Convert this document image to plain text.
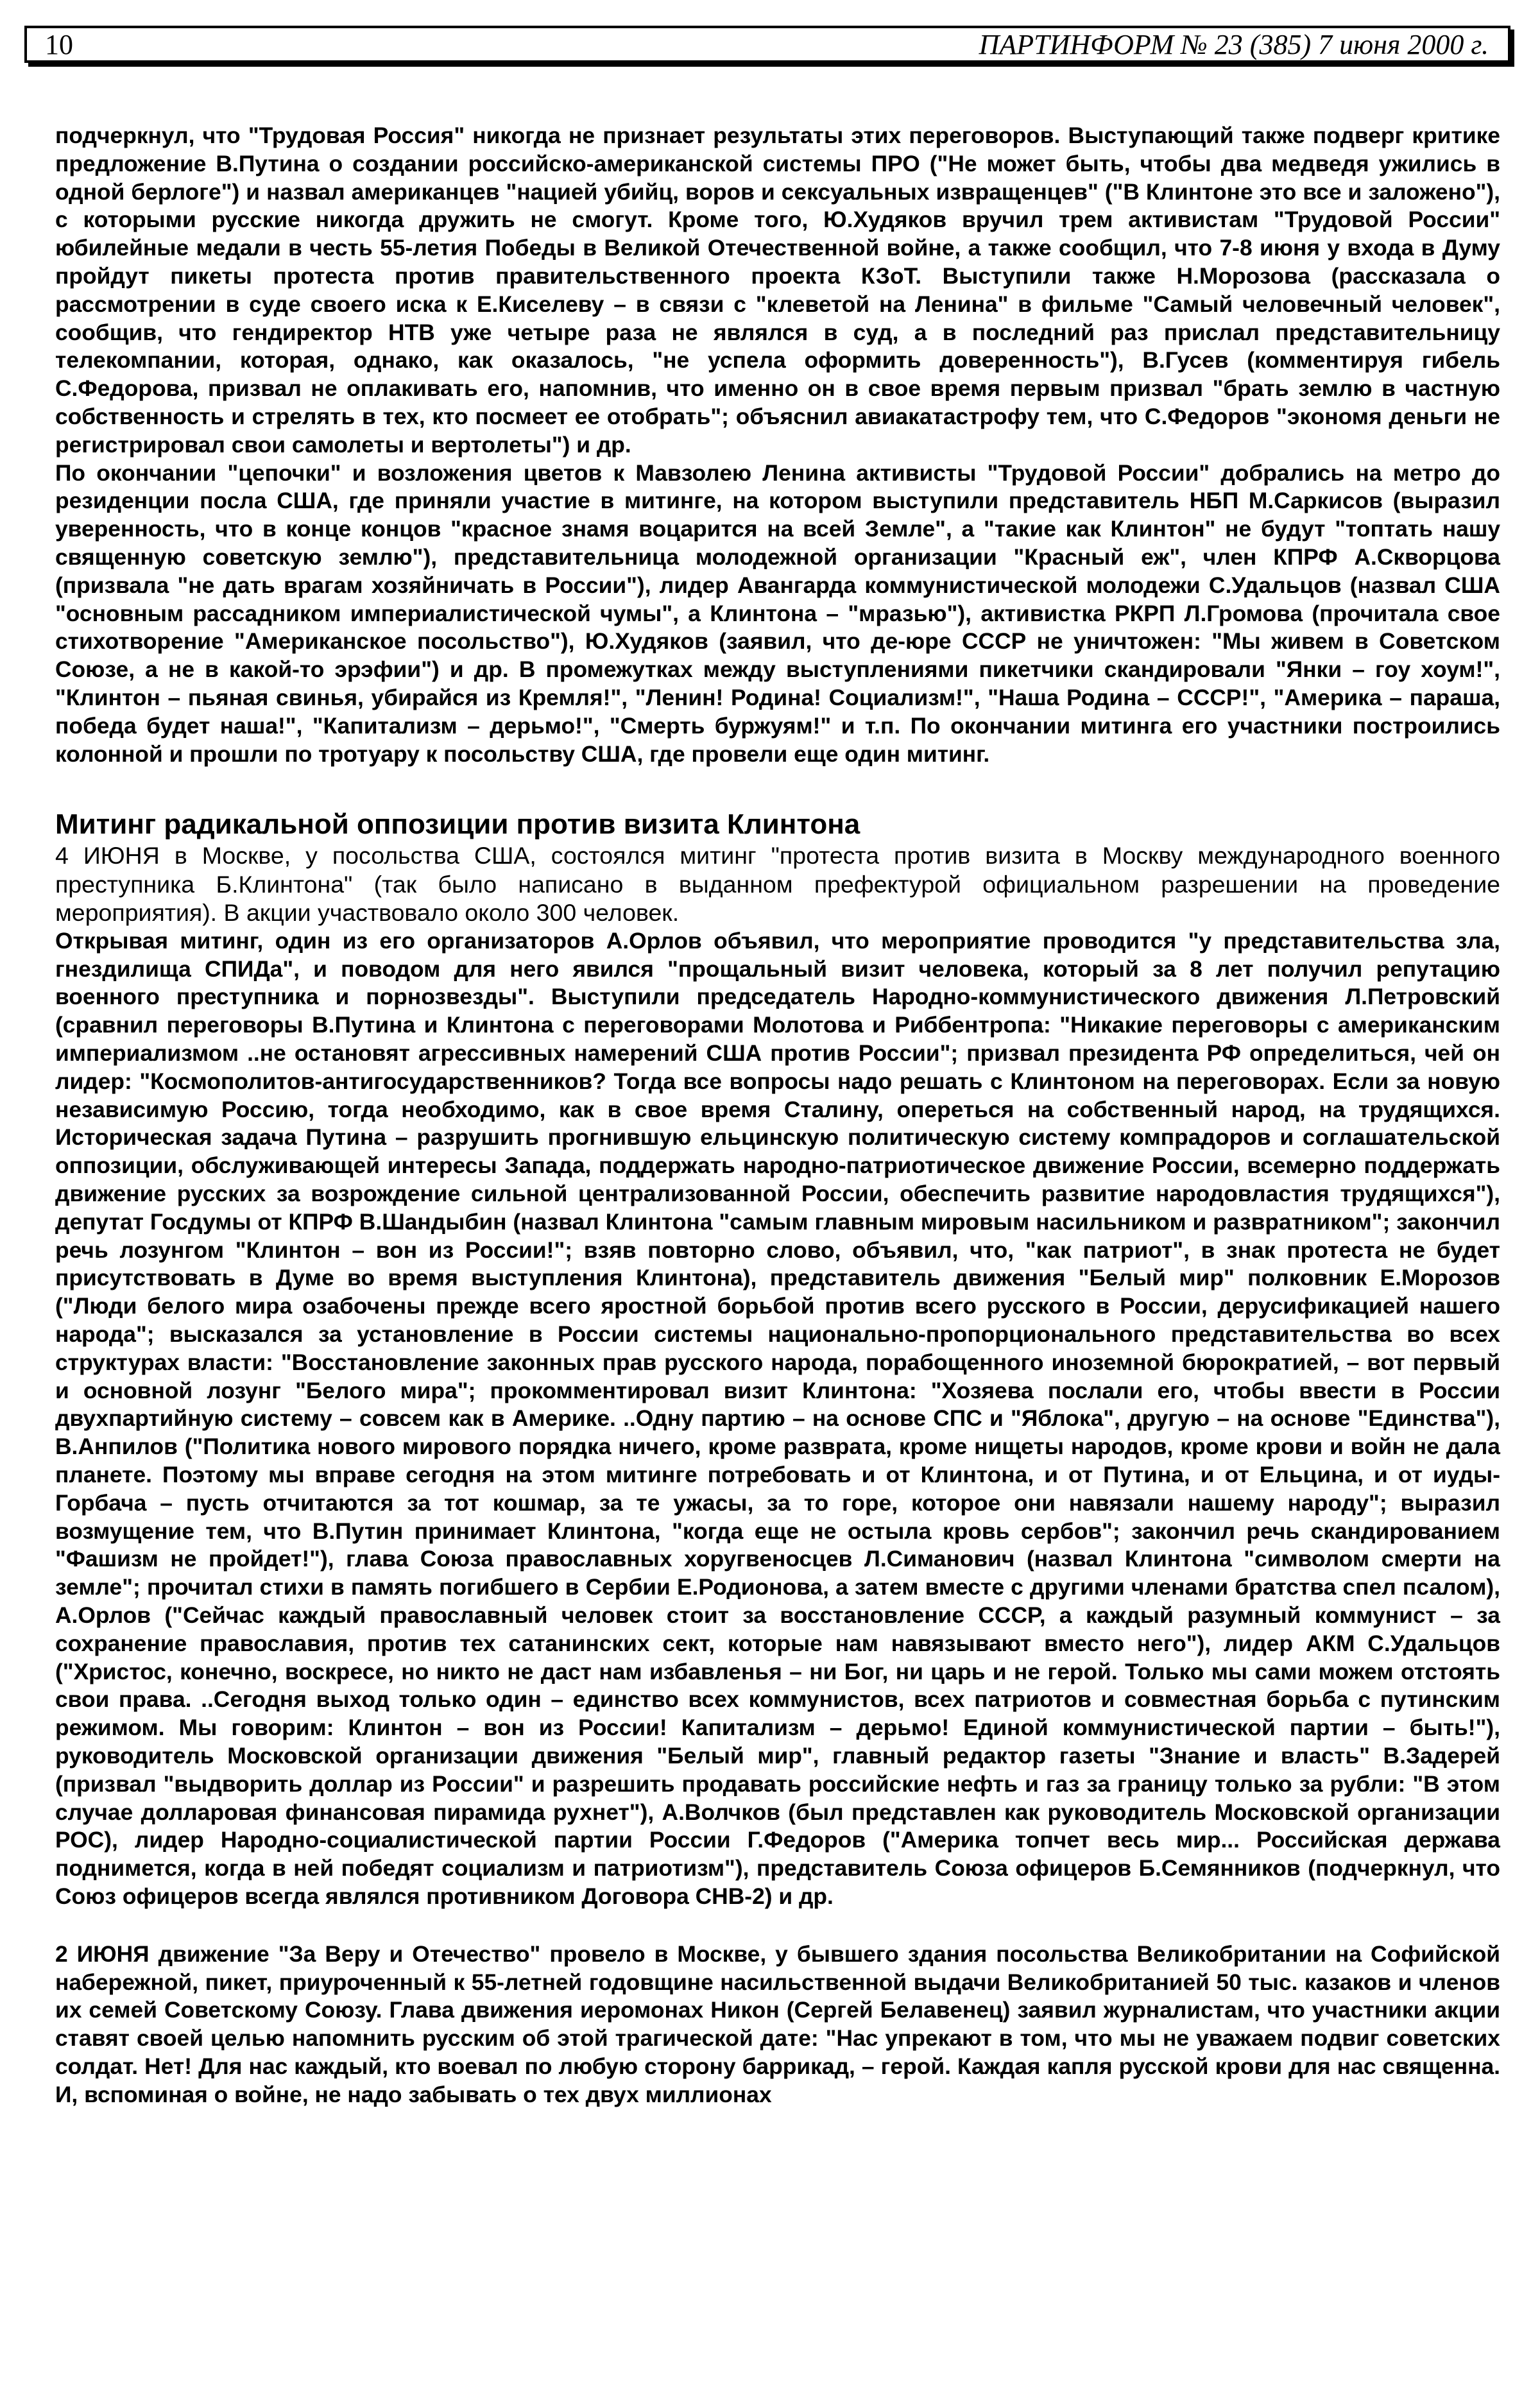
10	ПАРТИНФОРМ № 23 (385) 7 июня 2000 г.

подчеркнул, что "Трудовая Россия" никогда не признает результаты этих переговоров. Выступающий также подверг критике предложение В.Путина о создании российско-американской системы ПРО ("Не может быть, чтобы два медведя ужились в одной берлоге") и назвал американцев "нацией убийц, воров и сексуальных извращенцев" ("В Клинтоне это все и заложено"), с которыми русские никогда дружить не смогут. Кроме того, Ю.Худяков вручил трем активистам "Трудовой России" юбилейные медали в честь 55-летия Победы в Великой Отечественной войне, а также сообщил, что 7-8 июня у входа в Думу пройдут пикеты протеста против правительственного проекта КЗоТ. Выступили также Н.Морозова (рассказала о рассмотрении в суде своего иска к Е.Киселеву – в связи с "клеветой на Ленина" в фильме "Самый человечный человек", сообщив, что гендиректор НТВ уже четыре раза не являлся в суд, а в последний раз прислал представительницу телекомпании, которая, однако, как оказалось, "не успела оформить доверенность"), В.Гусев (комментируя гибель С.Федорова, призвал не оплакивать его, напомнив, что именно он в свое время первым призвал "брать землю в частную собственность и стрелять в тех, кто посмеет ее отобрать"; объяснил авиакатастрофу тем, что С.Федоров "экономя деньги не регистрировал свои самолеты и вертолеты") и др.

По окончании "цепочки" и возложения цветов к Мавзолею Ленина активисты "Трудовой России" добрались на метро до резиденции посла США, где приняли участие в митинге, на котором выступили представитель НБП М.Саркисов (выразил уверенность, что в конце концов "красное знамя воцарится на всей Земле", а "такие как Клинтон" не будут "топтать нашу священную советскую землю"), представительница молодежной организации "Красный еж", член КПРФ А.Скворцова (призвала "не дать врагам хозяйничать в России"), лидер Авангарда коммунистической молодежи С.Удальцов (назвал США "основным рассадником империалистической чумы", а Клинтона – "мразью"), активистка РКРП Л.Громова (прочитала свое стихотворение "Американское посольство"), Ю.Худяков (заявил, что де-юре СССР не уничтожен: "Мы живем в Советском Союзе, а не в какой-то эрэфии") и др. В промежутках между выступлениями пикетчики скандировали "Янки – гоу хоум!", "Клинтон – пьяная свинья, убирайся из Кремля!", "Ленин! Родина! Социализм!", "Наша Родина – СССР!", "Америка – параша, победа будет наша!", "Капитализм – дерьмо!", "Смерть буржуям!" и т.п. По окончании митинга его участники построились колонной и прошли по тротуару к посольству США, где провели еще один митинг.

Митинг радикальной оппозиции против визита Клинтона

4 ИЮНЯ в Москве, у посольства США, состоялся митинг "протеста против визита в Москву международного военного преступника Б.Клинтона" (так было написано в выданном префектурой официальном разрешении на проведение мероприятия). В акции участвовало около 300 человек.

Открывая митинг, один из его организаторов А.Орлов объявил, что мероприятие проводится "у представительства зла, гнездилища СПИДа", и поводом для него явился "прощальный визит человека, который за 8 лет получил репутацию военного преступника и порнозвезды". Выступили председатель Народно-коммунистического движения Л.Петровский (сравнил переговоры В.Путина и Клинтона с переговорами Молотова и Риббентропа: "Никакие переговоры с американским империализмом ..не остановят агрессивных намерений США против России"; призвал президента РФ определиться, чей он лидер: "Космополитов-антигосударственников? Тогда все вопросы надо решать с Клинтоном на переговорах. Если за новую независимую Россию, тогда необходимо, как в свое время Сталину, опереться на собственный народ, на трудящихся. Историческая задача Путина – разрушить прогнившую ельцинскую политическую систему компрадоров и соглашательской оппозиции, обслуживающей интересы Запада, поддержать народно-патриотическое движение России, всемерно поддержать движение русских за возрождение сильной централизованной России, обеспечить развитие народовластия трудящихся"), депутат Госдумы от КПРФ В.Шандыбин (назвал Клинтона "самым главным мировым насильником и развратником"; закончил речь лозунгом "Клинтон – вон из России!"; взяв повторно слово, объявил, что, "как патриот", в знак протеста не будет присутствовать в Думе во время выступления Клинтона), представитель движения "Белый мир" полковник Е.Морозов ("Люди белого мира озабочены прежде всего яростной борьбой против всего русского в России, дерусификацией нашего народа"; высказался за установление в России системы национально-пропорционального представительства во всех структурах власти: "Восстановление законных прав русского народа, порабощенного иноземной бюрократией, – вот первый и основной лозунг "Белого мира"; прокомментировал визит Клинтона: "Хозяева послали его, чтобы ввести в России двухпартийную систему – совсем как в Америке. ..Одну партию – на основе СПС и "Яблока", другую – на основе "Единства"), В.Анпилов ("Политика нового мирового порядка ничего, кроме разврата, кроме нищеты народов, кроме крови и войн не дала планете. Поэтому мы вправе сегодня на этом митинге потребовать и от Клинтона, и от Путина, и от Ельцина, и от иуды-Горбача – пусть отчитаются за тот кошмар, за те ужасы, за то горе, которое они навязали нашему народу"; выразил возмущение тем, что В.Путин принимает Клинтона, "когда еще не остыла кровь сербов"; закончил речь скандированием "Фашизм не пройдет!"), глава Союза православных хоругвеносцев Л.Симанович (назвал Клинтона "символом смерти на земле"; прочитал стихи в память погибшего в Сербии Е.Родионова, а затем вместе с другими членами братства спел псалом), А.Орлов ("Сейчас каждый православный человек стоит за восстановление СССР, а каждый разумный коммунист – за сохранение православия, против тех сатанинских сект, которые нам навязывают вместо него"), лидер АКМ С.Удальцов ("Христос, конечно, воскресе, но никто не даст нам избавленья – ни Бог, ни царь и не герой. Только мы сами можем отстоять свои права. ..Сегодня выход только один – единство всех коммунистов, всех патриотов и совместная борьба с путинским режимом. Мы говорим: Клинтон – вон из России! Капитализм – дерьмо! Единой коммунистической партии – быть!"), руководитель Московской организации движения "Белый мир", главный редактор газеты "Знание и власть" В.Задерей (призвал "выдворить доллар из России" и разрешить продавать российские нефть и газ за границу только за рубли: "В этом случае долларовая финансовая пирамида рухнет"), А.Волчков (был представлен как руководитель Московской организации РОС), лидер Народно-социалистической партии России Г.Федоров ("Америка топчет весь мир... Российская держава поднимется, когда в ней победят социализм и патриотизм"), представитель Союза офицеров Б.Семянников (подчеркнул, что Союз офицеров всегда являлся противником Договора СНВ-2) и др.

2 ИЮНЯ движение "За Веру и Отечество" провело в Москве, у бывшего здания посольства Великобритании на Софийской набережной, пикет, приуроченный к 55-летней годовщине насильственной выдачи Великобританией 50 тыс. казаков и членов их семей Советскому Союзу. Глава движения иеромонах Никон (Сергей Белавенец) заявил журналистам, что участники акции ставят своей целью напомнить русским об этой трагической дате: "Нас упрекают в том, что мы не уважаем подвиг советских солдат. Нет! Для нас каждый, кто воевал по любую сторону баррикад, – герой. Каждая капля русской крови для нас священна. И, вспоминая о войне, не надо забывать о тех двух миллионах
